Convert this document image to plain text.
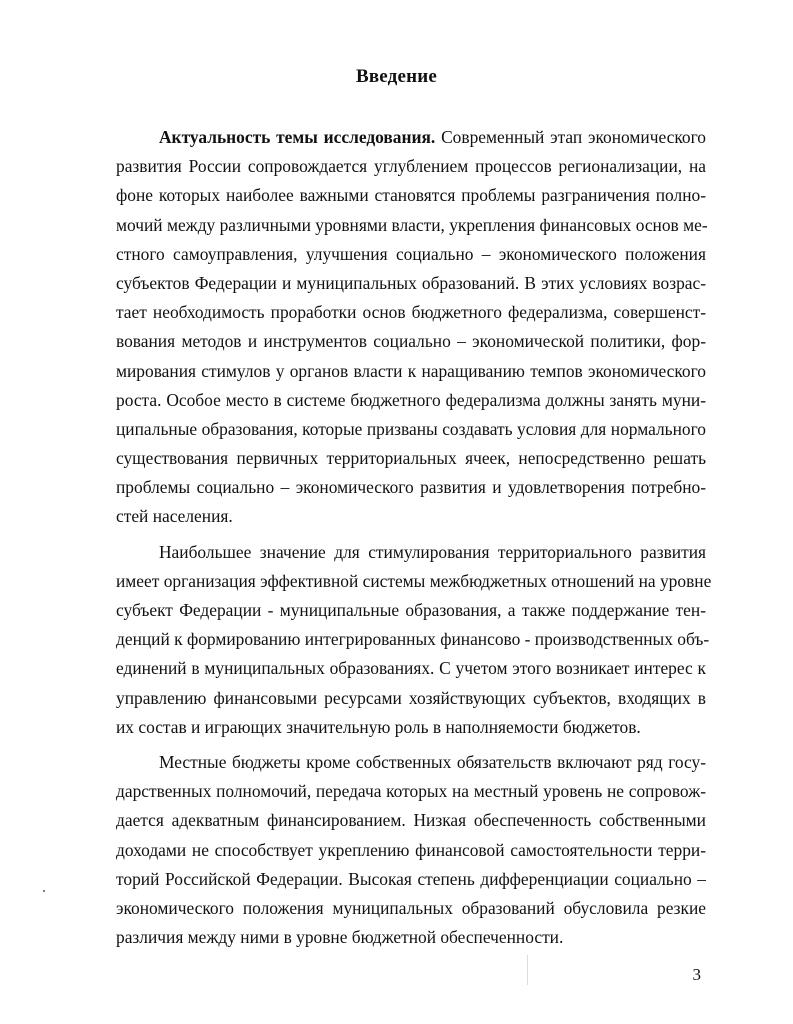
Введение
Актуальность темы исследования. Современный этап экономического
развития России сопровождается углублением процессов регионализации, на
фоне которых наиболее важными становятся проблемы разграничения полно-
мочий между различными уровнями власти, укрепления финансовых основ ме-
стного самоуправления, улучшения социально – экономического положения
субъектов Федерации и муниципальных образований. В этих условиях возрас-
тает необходимость проработки основ бюджетного федерализма, совершенст-
вования методов и инструментов социально – экономической политики, фор-
мирования стимулов у органов власти к наращиванию темпов экономического
роста. Особое место в системе бюджетного федерализма должны занять муни-
ципальные образования, которые призваны создавать условия для нормального
существования первичных территориальных ячеек, непосредственно решать
проблемы социально – экономического развития и удовлетворения потребно-
стей населения.
Наибольшее значение для стимулирования территориального развития
имеет организация эффективной системы межбюджетных отношений на уровне
субъект Федерации - муниципальные образования, а также поддержание тен-
денций к формированию интегрированных финансово - производственных объ-
единений в муниципальных образованиях. С учетом этого возникает интерес к
управлению финансовыми ресурсами хозяйствующих субъектов, входящих в
их состав и играющих значительную роль в наполняемости бюджетов.
Местные бюджеты кроме собственных обязательств включают ряд госу-
дарственных полномочий, передача которых на местный уровень не сопровож-
дается адекватным финансированием. Низкая обеспеченность собственными
доходами не способствует укреплению финансовой самостоятельности терри-
торий Российской Федерации. Высокая степень дифференциации социально –
экономического положения муниципальных образований обусловила резкие
различия между ними в уровне бюджетной обеспеченности.
3
